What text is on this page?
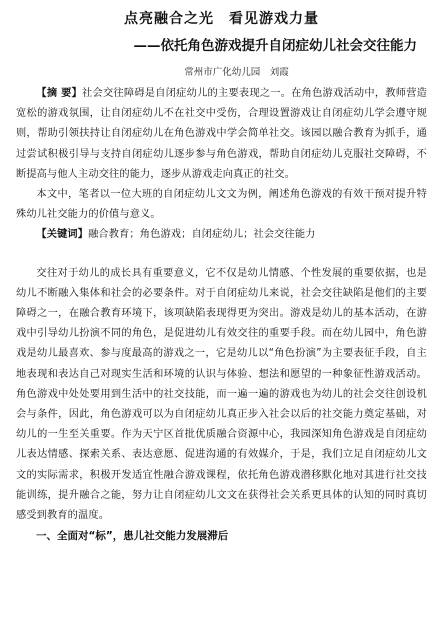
点亮融合之光　看见游戏力量
——依托角色游戏提升自闭症幼儿社会交往能力
常州市广化幼儿园　刘霞

【摘 要】社会交往障碍是自闭症幼儿的主要表现之一。在角色游戏活动中，教师营造宽松的游戏氛围，让自闭症幼儿不在社交中受伤，合理设置游戏让自闭症幼儿学会遵守规则，帮助引领扶持让自闭症幼儿在角色游戏中学会简单社交。该园以融合教育为抓手，通过尝试积极引导与支持自闭症幼儿逐步参与角色游戏，帮助自闭症幼儿克服社交障碍，不断提高与他人主动交往的能力，逐步从游戏走向真正的社交。

本文中，笔者以一位大班的自闭症幼儿文文为例，阐述角色游戏的有效干预对提升特殊幼儿社交能力的价值与意义。

【关键词】融合教育；角色游戏；自闭症幼儿；社会交往能力

交往对于幼儿的成长具有重要意义，它不仅是幼儿情感、个性发展的重要依据，也是幼儿不断融入集体和社会的必要条件。对于自闭症幼儿来说，社会交往缺陷是他们的主要障碍之一，在融合教育环境下，该项缺陷表现得更为突出。游戏是幼儿的基本活动，在游戏中引导幼儿扮演不同的角色，是促进幼儿有效交往的重要手段。而在幼儿园中，角色游戏是幼儿最喜欢、参与度最高的游戏之一，它是幼儿以“角色扮演”为主要表征手段，自主地表现和表达自己对现实生活和环境的认识与体验、想法和愿望的一种象征性游戏活动。角色游戏中处处要用到生活中的社交技能，而一遍一遍的游戏也为幼儿的社会交往创设机会与条件，因此，角色游戏可以为自闭症幼儿真正步入社会以后的社交能力奠定基础，对幼儿的一生至关重要。作为天宁区首批优质融合资源中心，我园深知角色游戏是自闭症幼儿表达情感、探索关系、表达意愿、促进沟通的有效媒介，于是，我们立足自闭症幼儿文文的实际需求，积极开发适宜性融合游戏课程，依托角色游戏潜移默化地对其进行社交技能训练，提升融合之能，努力让自闭症幼儿文文在获得社会关系更具体的认知的同时真切感受到教育的温度。

一、全面对“标”，患儿社交能力发展滞后
